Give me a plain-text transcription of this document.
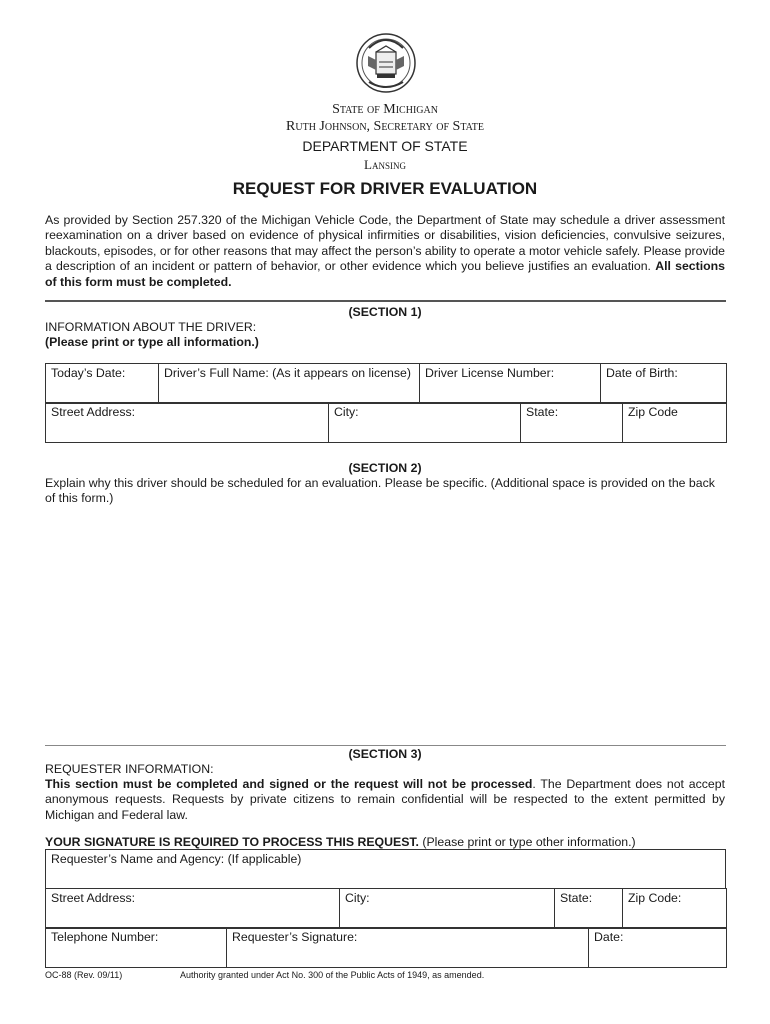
State of Michigan
Ruth Johnson, Secretary of State
DEPARTMENT OF STATE
Lansing
REQUEST FOR DRIVER EVALUATION

As provided by Section 257.320 of the Michigan Vehicle Code, the Department of State may schedule a driver assessment reexamination on a driver based on evidence of physical infirmities or disabilities, vision deficiencies, convulsive seizures, blackouts, episodes, or for other reasons that may affect the person’s ability to operate a motor vehicle safely. Please provide a description of an incident or pattern of behavior, or other evidence which you believe justifies an evaluation. All sections of this form must be completed.

(SECTION 1)
INFORMATION ABOUT THE DRIVER:
(Please print or type all information.)
Today’s Date:	Driver’s Full Name: (As it appears on license)	Driver License Number:	Date of Birth:
Street Address:	City:	State:	Zip Code
(SECTION 2)

Explain why this driver should be scheduled for an evaluation. Please be specific. (Additional space is provided on the back of this form.)

(SECTION 3)
REQUESTER INFORMATION:

This section must be completed and signed or the request will not be processed. The Department does not accept anonymous requests. Requests by private citizens to remain confidential will be respected to the extent permitted by Michigan and Federal law.

YOUR SIGNATURE IS REQUIRED TO PROCESS THIS REQUEST. (Please print or type other information.)
Requester’s Name and Agency: (If applicable)
Street Address:	City:	State:	Zip Code:
Telephone Number:	Requester’s Signature:	Date:
OC-88 (Rev. 09/11)	Authority granted under Act No. 300 of the Public Acts of 1949, as amended.
